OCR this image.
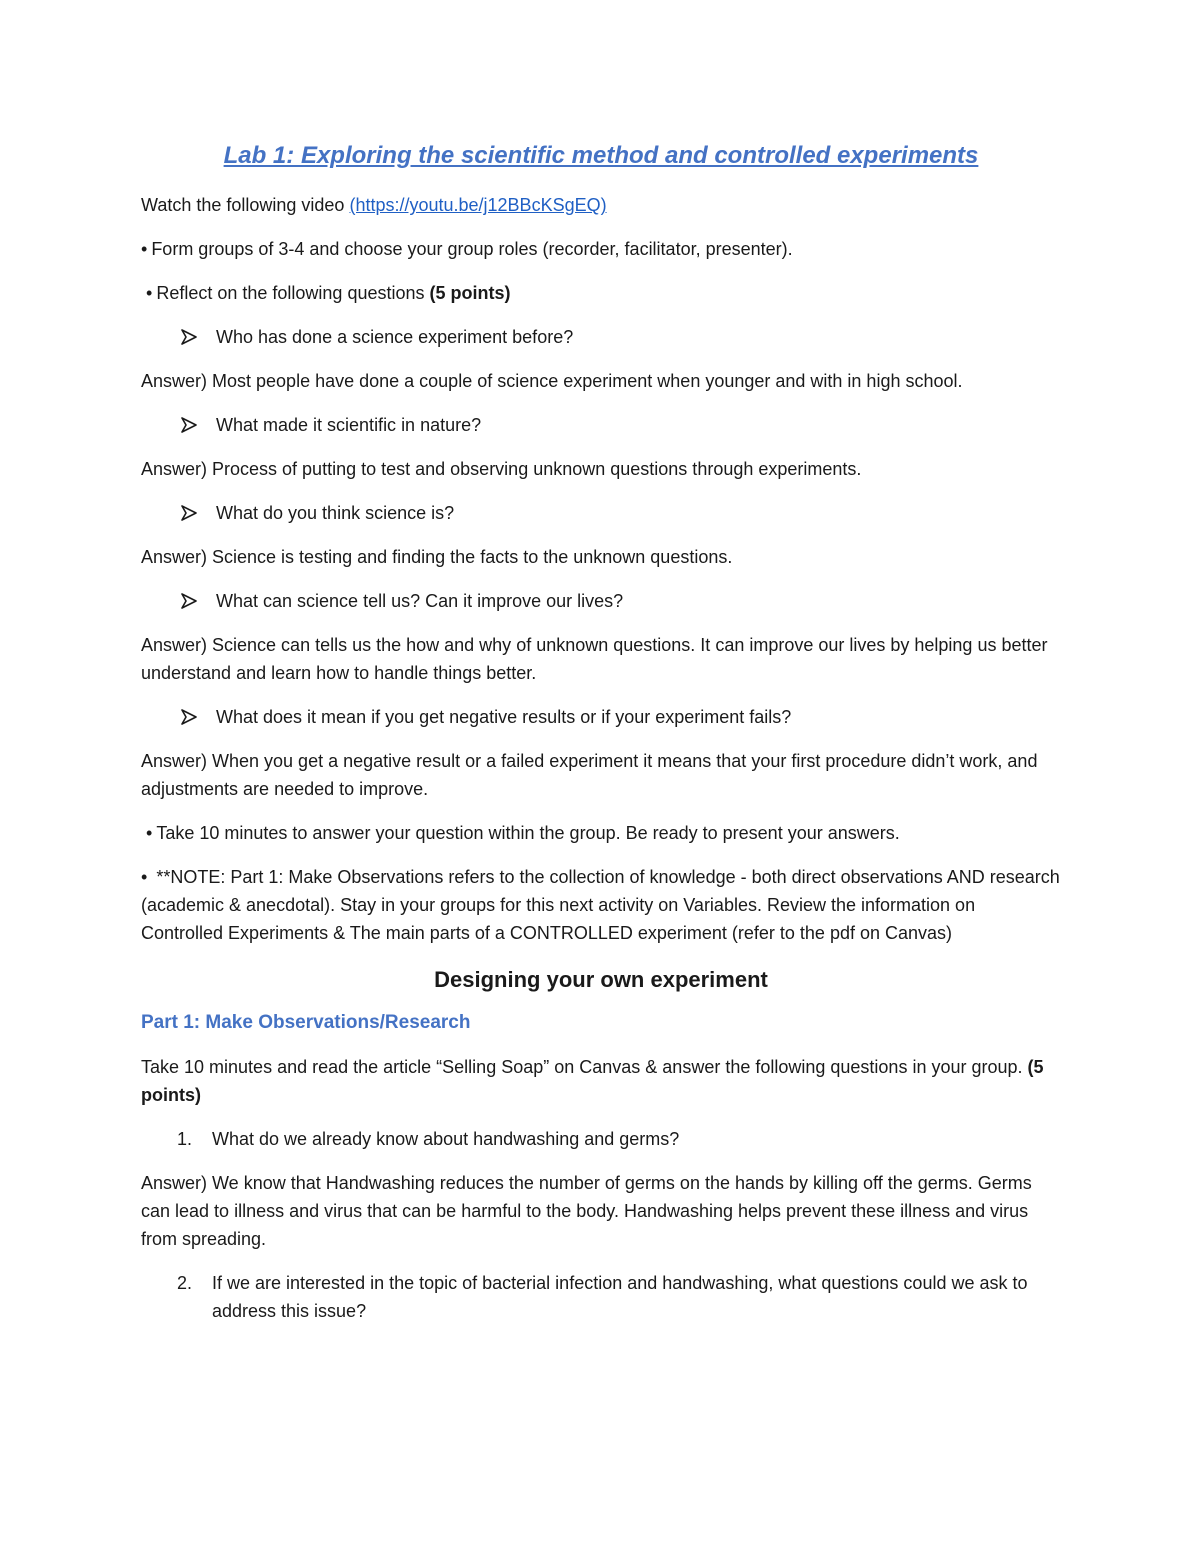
Lab 1: Exploring the scientific method and controlled experiments

Watch the following video (https://youtu.be/j12BBcKSgEQ)

• Form groups of 3-4 and choose your group roles (recorder, facilitator, presenter).

• Reflect on the following questions (5 points)

Who has done a science experiment before?

Answer) Most people have done a couple of science experiment when younger and with in high school.

What made it scientific in nature?

Answer) Process of putting to test and observing unknown questions through experiments.

What do you think science is?

Answer) Science is testing and finding the facts to the unknown questions.

What can science tell us? Can it improve our lives?

Answer) Science can tells us the how and why of unknown questions. It can improve our lives by helping us better understand and learn how to handle things better.

What does it mean if you get negative results or if your experiment fails?

Answer) When you get a negative result or a failed experiment it means that your first procedure didn’t work, and adjustments are needed to improve.

• Take 10 minutes to answer your question within the group. Be ready to present your answers.

• **NOTE: Part 1: Make Observations refers to the collection of knowledge - both direct observations AND research (academic & anecdotal). Stay in your groups for this next activity on Variables. Review the information on Controlled Experiments & The main parts of a CONTROLLED experiment (refer to the pdf on Canvas)

Designing your own experiment
Part 1: Make Observations/Research

Take 10 minutes and read the article “Selling Soap” on Canvas & answer the following questions in your group. (5 points)

1. What do we already know about handwashing and germs?

Answer) We know that Handwashing reduces the number of germs on the hands by killing off the germs. Germs can lead to illness and virus that can be harmful to the body. Handwashing helps prevent these illness and virus from spreading.

2. If we are interested in the topic of bacterial infection and handwashing, what questions could we ask to address this issue?
